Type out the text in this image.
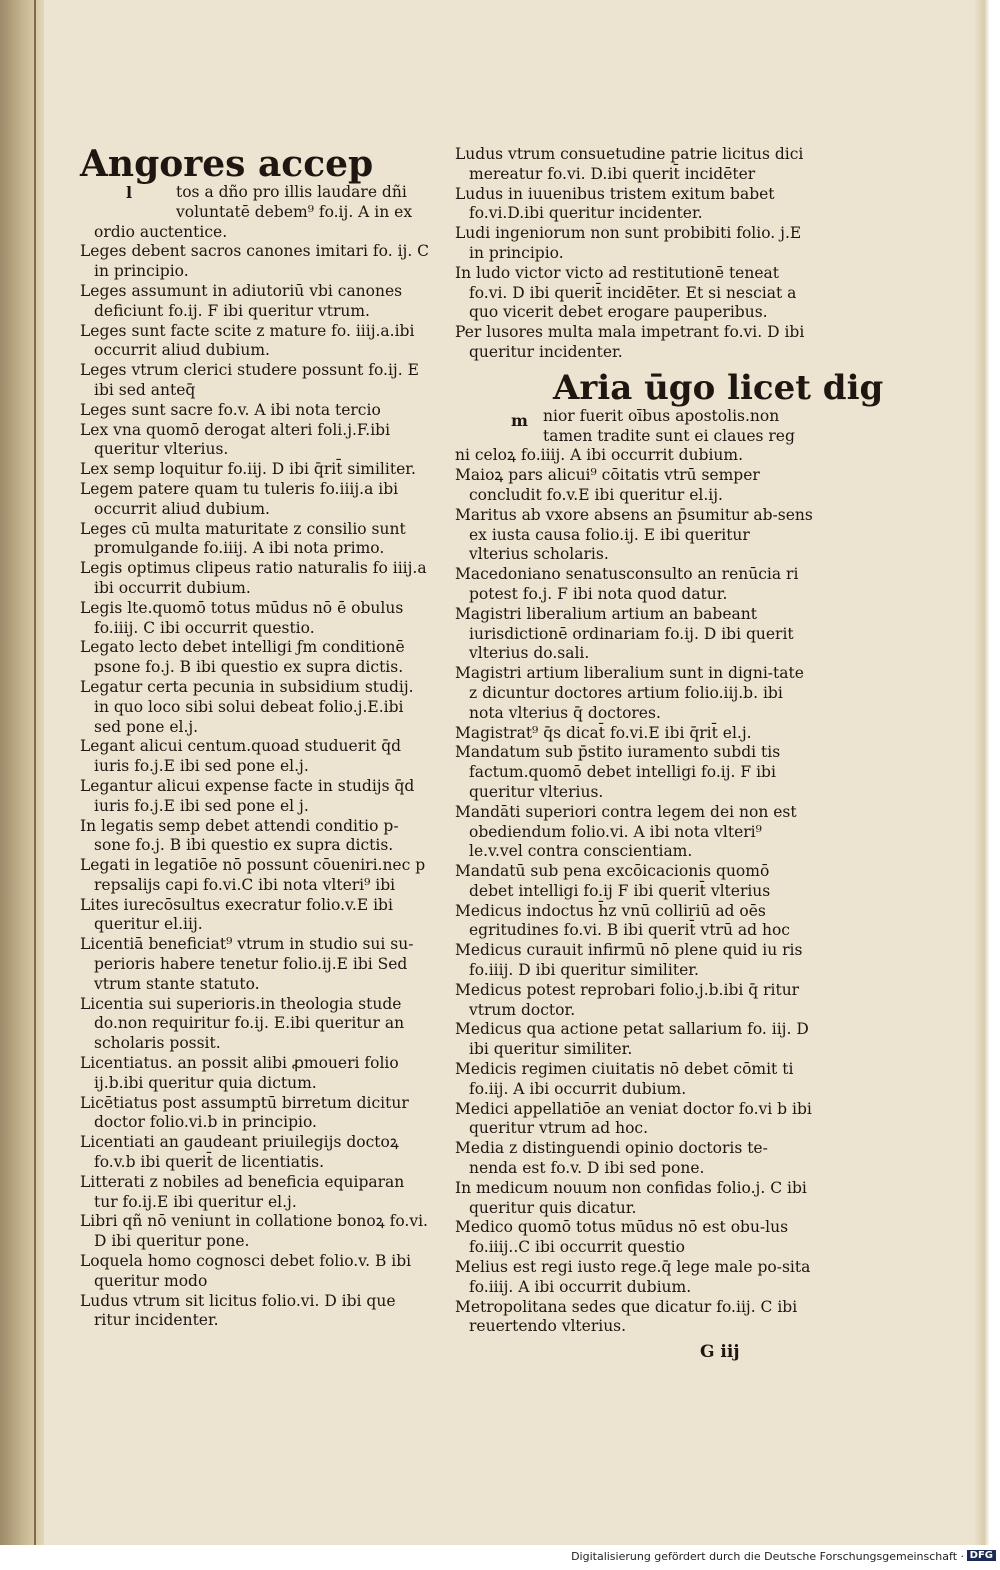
Angores accep
l	tos a dño pro illis laudare dñi
voluntatē debem⁹ fo.ij. A in ex
ordio auctentice.
Leges debent sacros canones imitari fo. ij. C in principio.
Leges assumunt in adiutoriū vbi canones deficiunt fo.ij. F ibi queritur vtrum.
Leges sunt facte scite z mature fo. iiij.a.ibi occurrit aliud dubium.
Leges vtrum clerici studere possunt fo.ij. E ibi sed anteq̄
Leges sunt sacre fo.v. A ibi nota tercio
Lex vna quomō derogat alteri foli.j.F.ibi queritur vlterius.
Lex semp loquitur fo.iij. D ibi q̄rit̄ similiter.
Legem patere quam tu tuleris fo.iiij.a ibi occurrit aliud dubium.
Leges cū multa maturitate z consilio sunt promulgande fo.iiij. A ibi nota primo.
Legis optimus clipeus ratio naturalis fo iiij.a ibi occurrit dubium.
Legis lte.quomō totus mūdus nō ē obulus fo.iiij. C ibi occurrit questio.
Legato lecto debet intelligi ƒm conditionē psone fo.j. B ibi questio ex supra dictis.
Legatur certa pecunia in subsidium studij. in quo loco sibi solui debeat folio.j.E.ibi sed pone el.j.
Legant alicui centum.quoad studuerit q̄d iuris fo.j.E ibi sed pone el.j.
Legantur alicui expense facte in studijs q̄d iuris fo.j.E ibi sed pone el j.
In legatis semp debet attendi conditio p-sone fo.j. B ibi questio ex supra dictis.
Legati in legatiōe nō possunt cōueniri.nec p repsalijs capi fo.vi.C ibi nota vlteri⁹ ibi
Lites iurecōsultus execratur folio.v.E ibi queritur el.iij.
Licentiā beneficiat⁹ vtrum in studio sui su-perioris habere tenetur folio.ij.E ibi Sed vtrum stante statuto.
Licentia sui superioris.in theologia stude do.non requiritur fo.ij. E.ibi queritur an scholaris possit.
Licentiatus. an possit alibi ꝓmoueri folio ij.b.ibi queritur quia dictum.
Licētiatus post assumptū birretum dicitur doctor folio.vi.b in principio.
Licentiati an gaudeant priuilegijs doctoꝝ fo.v.b ibi querit̄ de licentiatis.
Litterati z nobiles ad beneficia equiparan tur fo.ij.E ibi queritur el.j.
Libri qñ nō veniunt in collatione bonoꝝ fo.vi. D ibi queritur pone.
Loquela homo cognosci debet folio.v. B ibi queritur modo
Ludus vtrum sit licitus folio.vi. D ibi que ritur incidenter.
Ludus vtrum consuetudine patrie licitus dici mereatur fo.vi. D.ibi querit̄ incidēter
Ludus in iuuenibus tristem exitum babet fo.vi.D.ibi queritur incidenter.
Ludi ingeniorum non sunt probibiti folio. j.E in principio.
In ludo victor victo ad restitutionē teneat fo.vi. D ibi querit̄ incidēter. Et si nesciat a quo vicerit debet erogare pauperibus.
Per lusores multa mala impetrant fo.vi. D ibi queritur incidenter.
Aria ūgo licet dig
m nior fuerit oībus apostolis.non
tamen tradite sunt ei claues reg
ni celoꝝ fo.iiij. A ibi occurrit dubium.
Maioꝝ pars alicui⁹ cōitatis vtrū semper concludit fo.v.E ibi queritur el.ij.
Maritus ab vxore absens an p̄sumitur ab-sens ex iusta causa folio.ij. E ibi queritur vlterius scholaris.
Macedoniano senatusconsulto an renūcia ri potest fo.j. F ibi nota quod datur.
Magistri liberalium artium an babeant iurisdictionē ordinariam fo.ij. D ibi querit vlterius do.sali.
Magistri artium liberalium sunt in digni-tate z dicuntur doctores artium folio.iij.b. ibi nota vlterius q̄ doctores.
Magistrat⁹ q̄s dicat̄ fo.vi.E ibi q̄rit̄ el.j.
Mandatum sub p̄stito iuramento subdi tis factum.quomō debet intelligi fo.ij. F ibi queritur vlterius.
Mandāti superiori contra legem dei non est obediendum folio.vi. A ibi nota vlteri⁹ le.v.vel contra conscientiam.
Mandatū sub pena excōicacionis quomō debet intelligi fo.ij F ibi querit̄ vlterius
Medicus indoctus h̄z vnū colliriū ad oēs egritudines fo.vi. B ibi querit̄ vtrū ad hoc
Medicus curauit infirmū nō plene quid iu ris fo.iiij. D ibi queritur similiter.
Medicus potest reprobari folio.j.b.ibi q̄ ritur vtrum doctor.
Medicus qua actione petat sallarium fo. iij. D ibi queritur similiter.
Medicis regimen ciuitatis nō debet cōmit ti fo.iij. A ibi occurrit dubium.
Medici appellatiōe an veniat doctor fo.vi b ibi queritur vtrum ad hoc.
Media z distinguendi opinio doctoris te-nenda est fo.v. D ibi sed pone.
In medicum nouum non confidas folio.j. C ibi queritur quis dicatur.
Medico quomō totus mūdus nō est obu-lus fo.iiij..C ibi occurrit questio
Melius est regi iusto rege.q̄ lege male po-sita fo.iiij. A ibi occurrit dubium.
Metropolitana sedes que dicatur fo.iij. C ibi reuertendo vlterius.
G iij
Digitalisierung gefördert durch die Deutsche Forschungsgemeinschaft · DFG
